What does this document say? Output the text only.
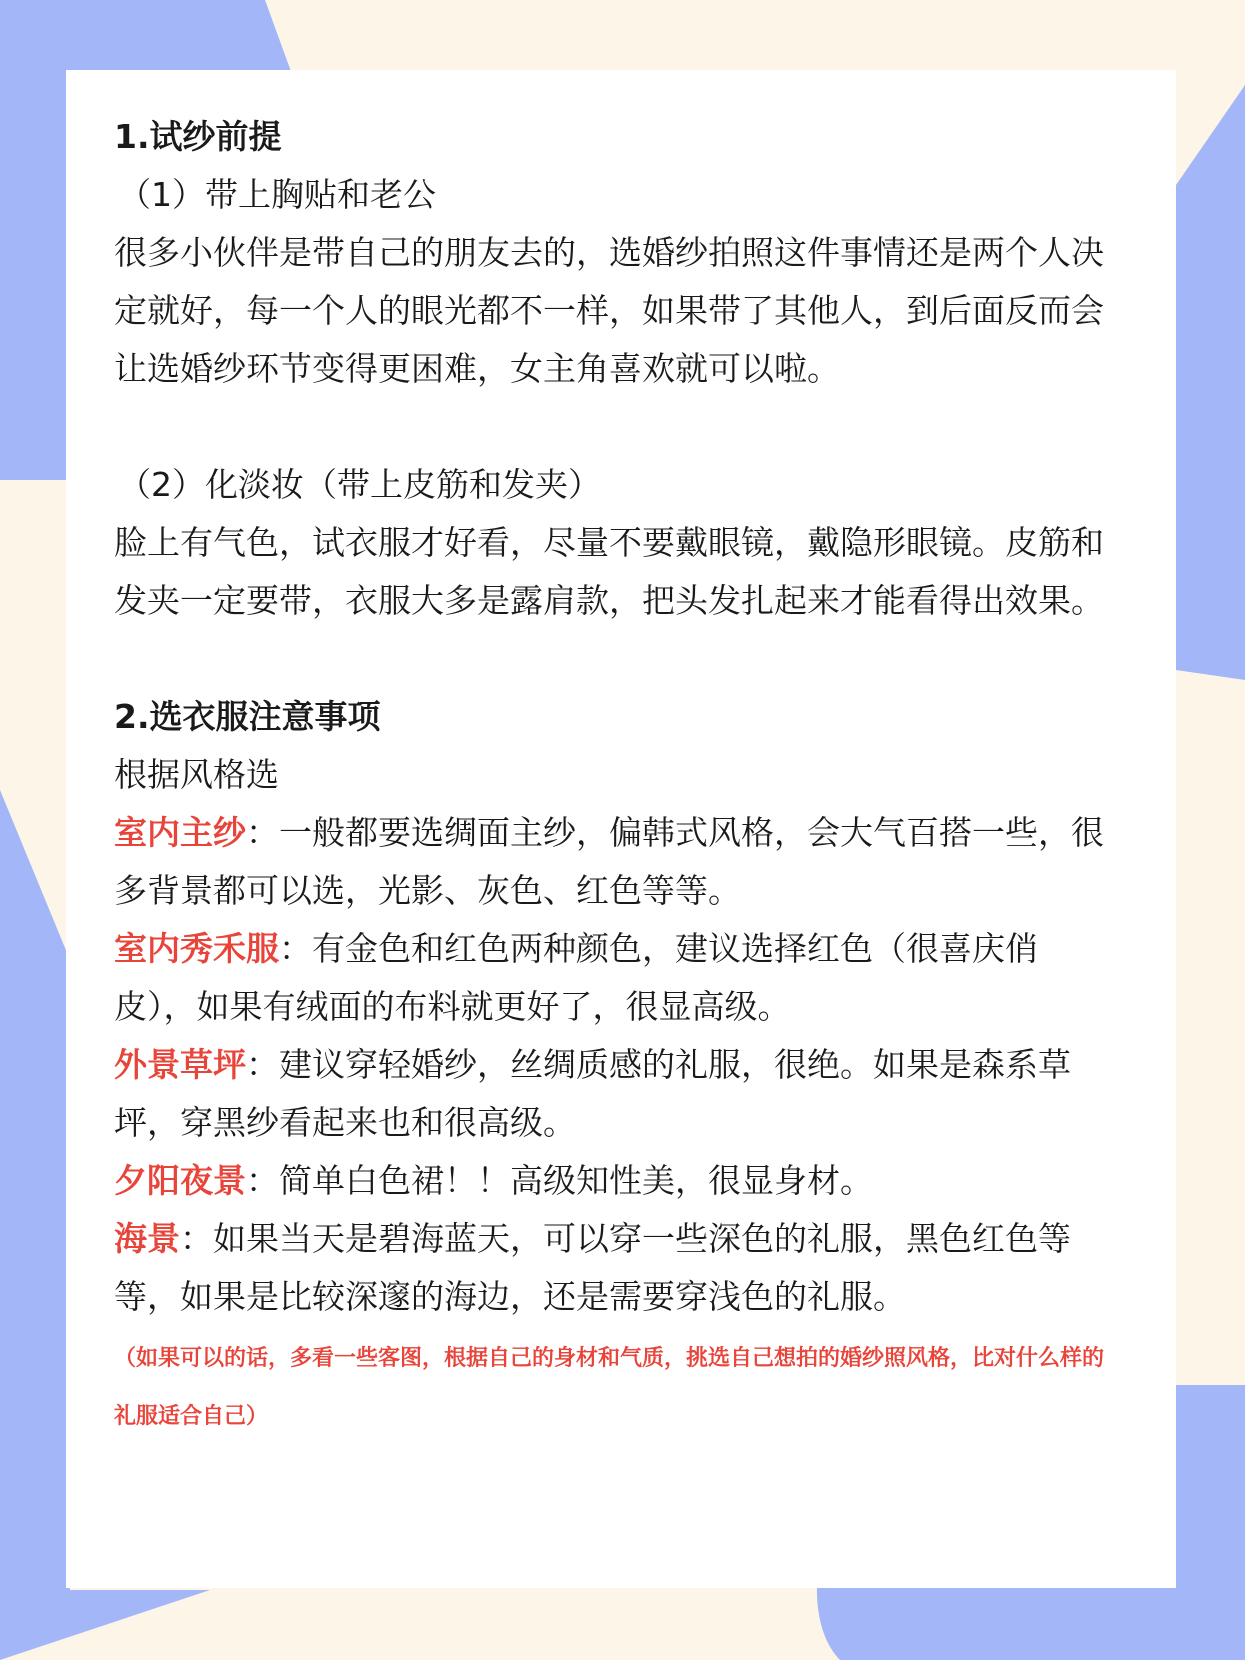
1.试纱前提
（1）带上胸贴和老公
很多小伙伴是带自己的朋友去的，选婚纱拍照这件事情还是两个人决定就好，每一个人的眼光都不一样，如果带了其他人，到后面反而会让选婚纱环节变得更困难，女主角喜欢就可以啦。
（2）化淡妆（带上皮筋和发夹）
脸上有气色，试衣服才好看，尽量不要戴眼镜，戴隐形眼镜。皮筋和发夹一定要带，衣服大多是露肩款，把头发扎起来才能看得出效果。
2.选衣服注意事项
根据风格选
室内主纱：一般都要选绸面主纱，偏韩式风格，会大气百搭一些，很多背景都可以选，光影、灰色、红色等等。
室内秀禾服：有金色和红色两种颜色，建议选择红色（很喜庆俏皮），如果有绒面的布料就更好了，很显高级。
外景草坪：建议穿轻婚纱，丝绸质感的礼服，很绝。如果是森系草坪，穿黑纱看起来也和很高级。
夕阳夜景：简单白色裙！！高级知性美，很显身材。
海景：如果当天是碧海蓝天，可以穿一些深色的礼服，黑色红色等等，如果是比较深邃的海边，还是需要穿浅色的礼服。
（如果可以的话，多看一些客图，根据自己的身材和气质，挑选自己想拍的婚纱照风格，比对什么样的礼服适合自己）
